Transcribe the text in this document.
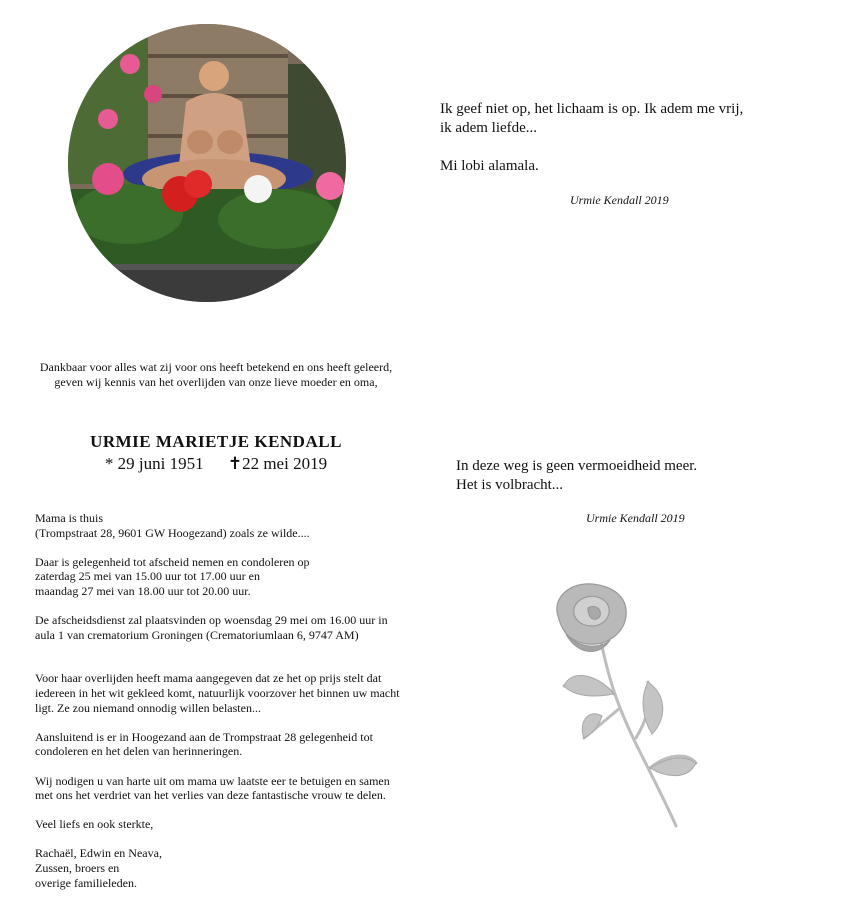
Dankbaar voor alles wat zij voor ons heeft betekend en ons heeft geleerd,
geven wij kennis van het overlijden van onze lieve moeder en oma,
URMIE MARIETJE KENDALL
* 29 juni 1951 ✝22 mei 2019

Mama is thuis
(Trompstraat 28, 9601 GW Hoogezand) zoals ze wilde....

Daar is gelegenheid tot afscheid nemen en condoleren op
zaterdag 25 mei van 15.00 uur tot 17.00 uur en
maandag 27 mei van 18.00 uur tot 20.00 uur.

De afscheidsdienst zal plaatsvinden op woensdag 29 mei om 16.00 uur in
aula 1 van crematorium Groningen (Crematoriumlaan 6, 9747 AM)

Voor haar overlijden heeft mama aangegeven dat ze het op prijs stelt dat
iedereen in het wit gekleed komt, natuurlijk voorzover het binnen uw macht
ligt. Ze zou niemand onnodig willen belasten...

Aansluitend is er in Hoogezand aan de Trompstraat 28 gelegenheid tot
condoleren en het delen van herinneringen.

Wij nodigen u van harte uit om mama uw laatste eer te betuigen en samen
met ons het verdriet van het verlies van deze fantastische vrouw te delen.

Veel liefs en ook sterkte,

Rachaël, Edwin en Neava,
Zussen, broers en
overige familieleden.

Ik geef niet op, het lichaam is op. Ik adem me vrij,
ik adem liefde...

Mi lobi alamala.

Urmie Kendall 2019
In deze weg is geen vermoeidheid meer.
Het is volbracht...
Urmie Kendall 2019
